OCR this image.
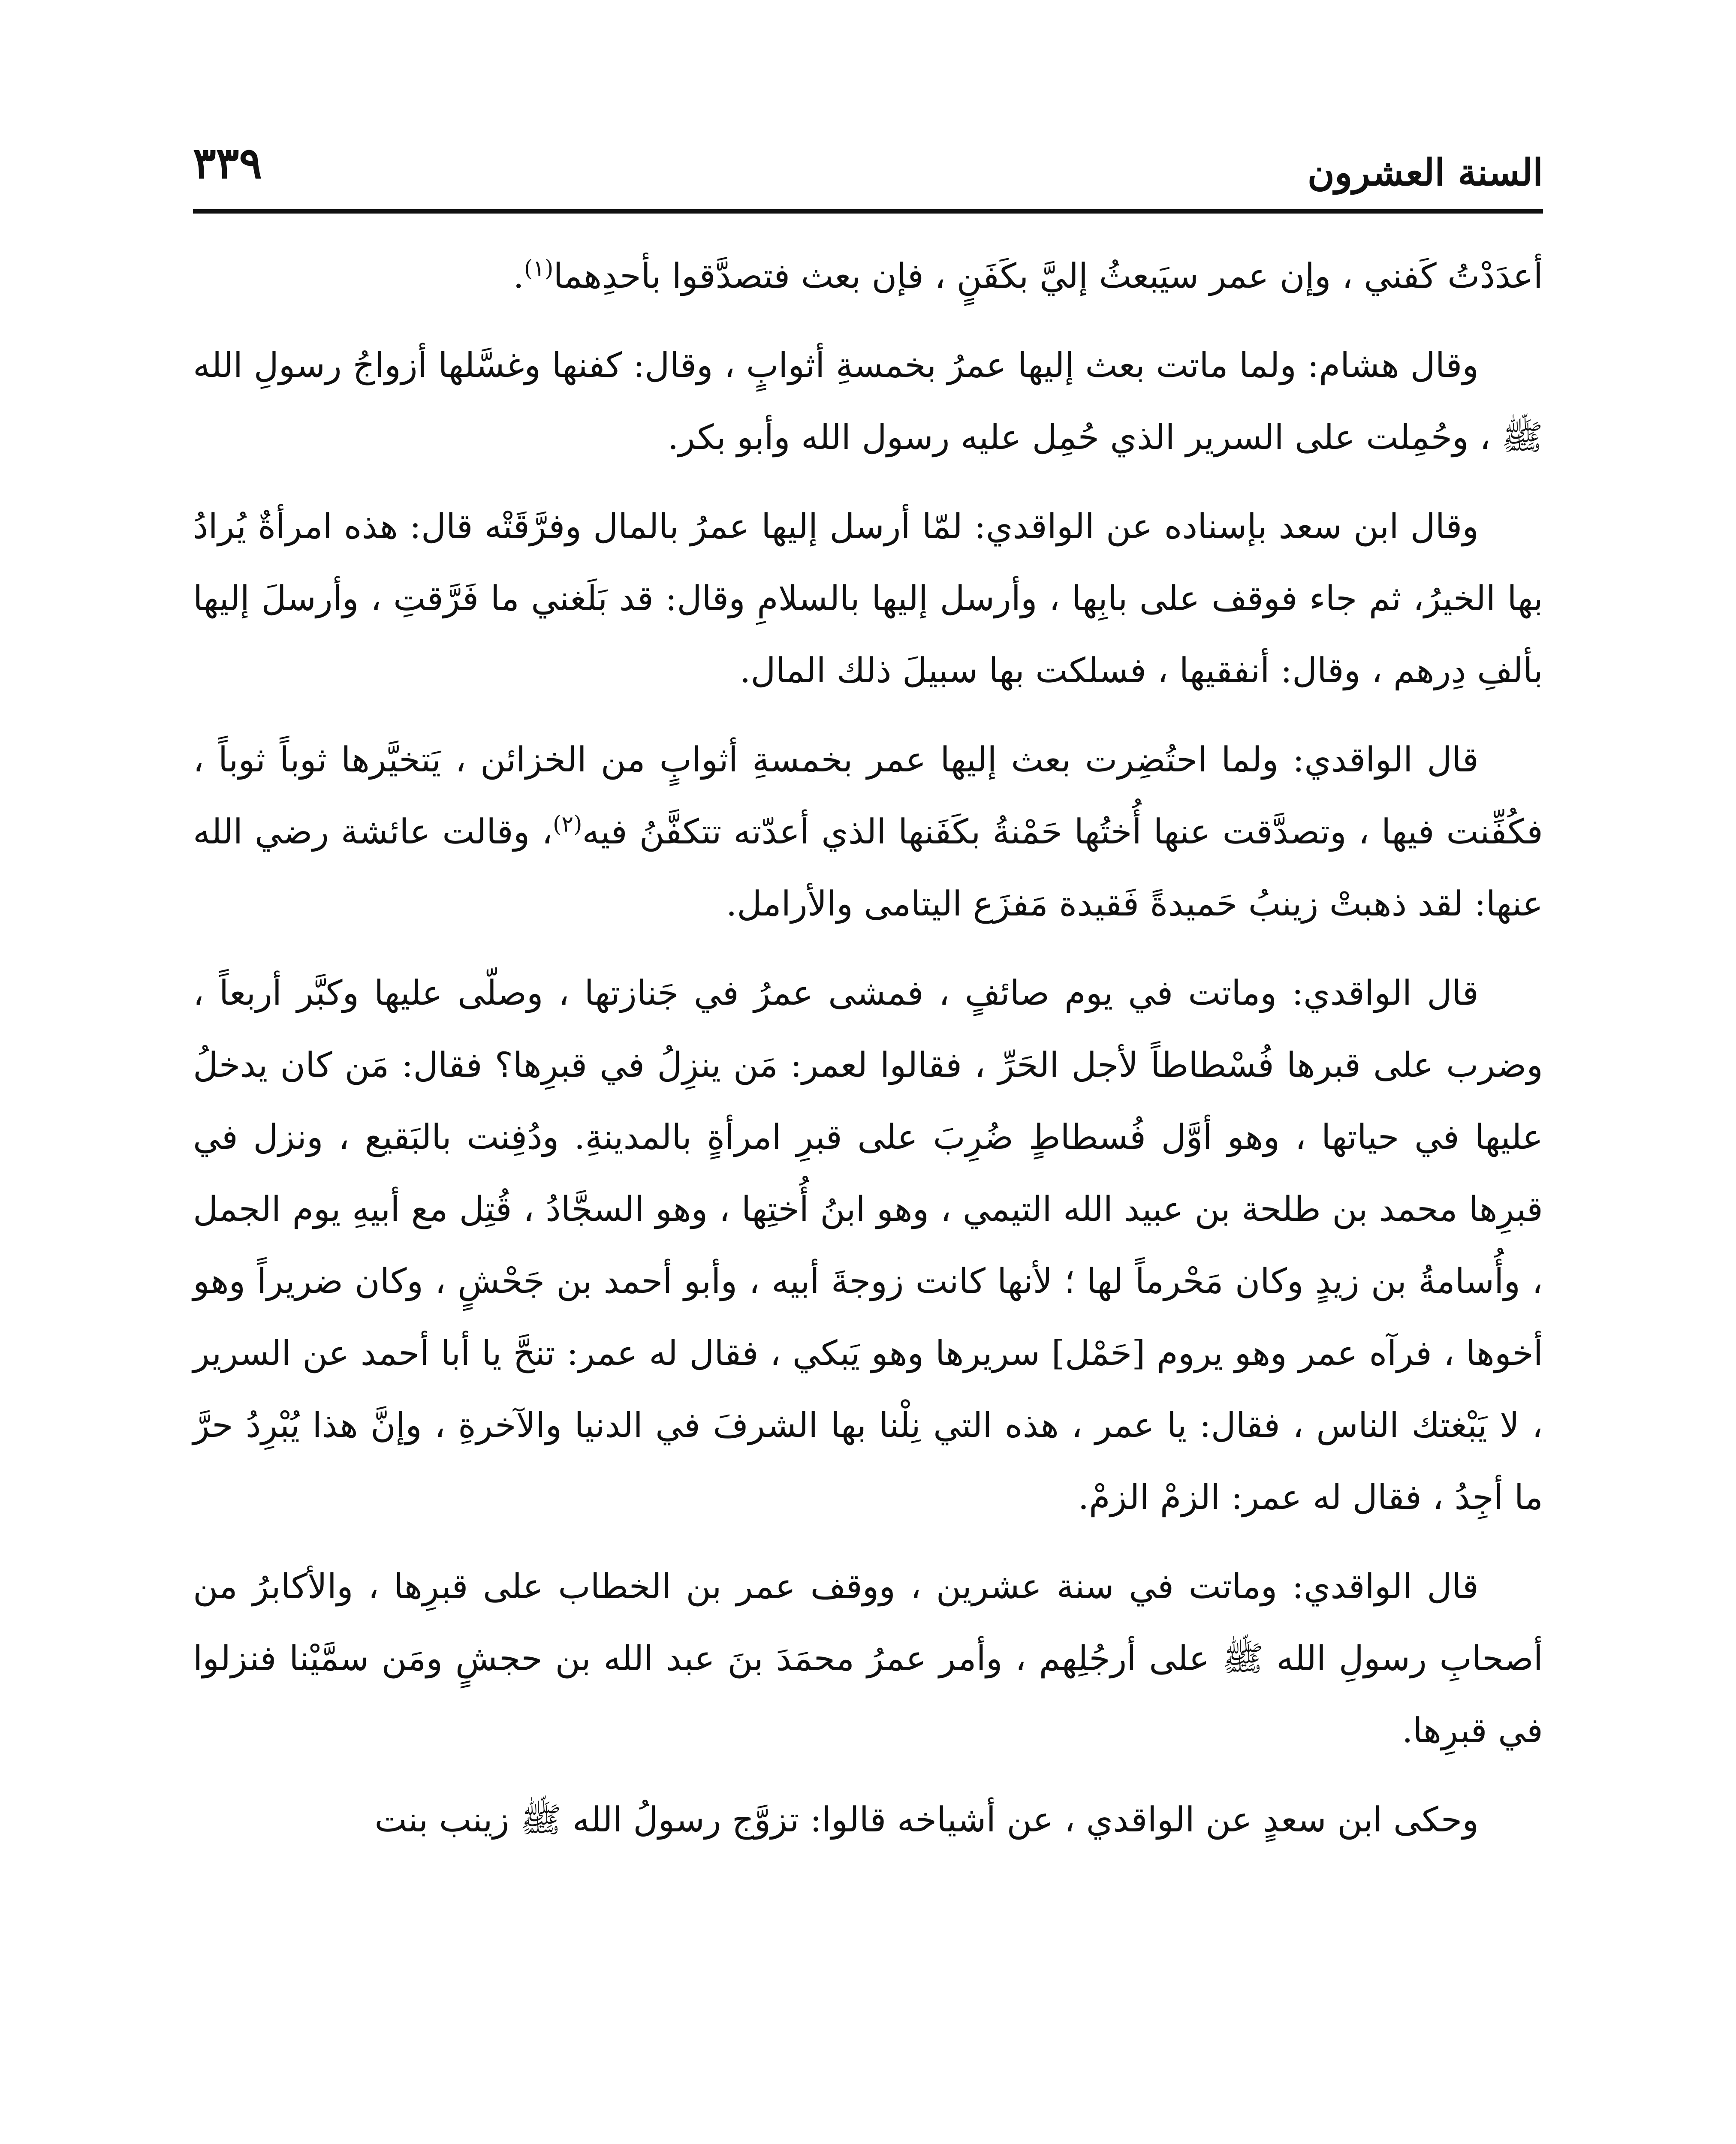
٣٣٩	السنة العشرون

أعدَدْتُ كَفني ، وإن عمر سيَبعثُ إليَّ بكَفَنٍ ، فإن بعث فتصدَّقوا بأحدِهما$^{(١)}$.

وقال هشام: ولما ماتت بعث إليها عمرُ بخمسةِ أثوابٍ ، وقال: كفنها وغسَّلها أزواجُ رسولِ الله ﷺ ، وحُمِلت على السرير الذي حُمِل عليه رسول الله وأبو بكر.

وقال ابن سعد بإسناده عن الواقدي: لمّا أرسل إليها عمرُ بالمال وفرَّقَتْه قال: هذه امرأةٌ يُرادُ بها الخيرُ، ثم جاء فوقف على بابِها ، وأرسل إليها بالسلامِ وقال: قد بَلَغني ما فَرَّقتِ ، وأرسلَ إليها بألفِ دِرهم ، وقال: أنفقيها ، فسلكت بها سبيلَ ذلك المال.

قال الواقدي: ولما احتُضِرت بعث إليها عمر بخمسةِ أثوابٍ من الخزائن ، يَتخيَّرها ثوباً ثوباً ، فكُفِّنت فيها ، وتصدَّقت عنها أُختُها حَمْنةُ بكَفَنها الذي أعدّته تتكفَّنُ فيه$^{(٢)}$، وقالت عائشة رضي الله عنها: لقد ذهبتْ زينبُ حَميدةً فَقيدة مَفزَع اليتامى والأرامل.

قال الواقدي: وماتت في يوم صائفٍ ، فمشى عمرُ في جَنازتها ، وصلّى عليها وكبَّر أربعاً ، وضرب على قبرها فُسْطاطاً لأجل الحَرِّ ، فقالوا لعمر: مَن ينزِلُ في قبرِها؟ فقال: مَن كان يدخلُ عليها في حياتها ، وهو أوَّل فُسطاطٍ ضُرِبَ على قبرِ امرأةٍ بالمدينةِ. ودُفِنت بالبَقيع ، ونزل في قبرِها محمد بن طلحة بن عبيد الله التيمي ، وهو ابنُ أُختِها ، وهو السجَّادُ ، قُتِل مع أبيهِ يوم الجمل ، وأُسامةُ بن زيدٍ وكان مَحْرماً لها ؛ لأنها كانت زوجةَ أبيه ، وأبو أحمد بن جَحْشٍ ، وكان ضريراً وهو أخوها ، فرآه عمر وهو يروم [حَمْل] سريرها وهو يَبكي ، فقال له عمر: تنحَّ يا أبا أحمد عن السرير ، لا يَبْغتك الناس ، فقال: يا عمر ، هذه التي نِلْنا بها الشرفَ في الدنيا والآخرةِ ، وإنَّ هذا يُبْرِدُ حرَّ ما أجِدُ ، فقال له عمر: الزمْ الزمْ.

قال الواقدي: وماتت في سنة عشرين ، ووقف عمر بن الخطاب على قبرِها ، والأكابرُ من أصحابِ رسولِ الله ﷺ على أرجُلِهم ، وأمر عمرُ محمَدَ بنَ عبد الله بن حجشٍ ومَن سمَّيْنا فنزلوا في قبرِها.

وحكى ابن سعدٍ عن الواقدي ، عن أشياخه قالوا: تزوَّج رسولُ الله ﷺ زينب بنت
